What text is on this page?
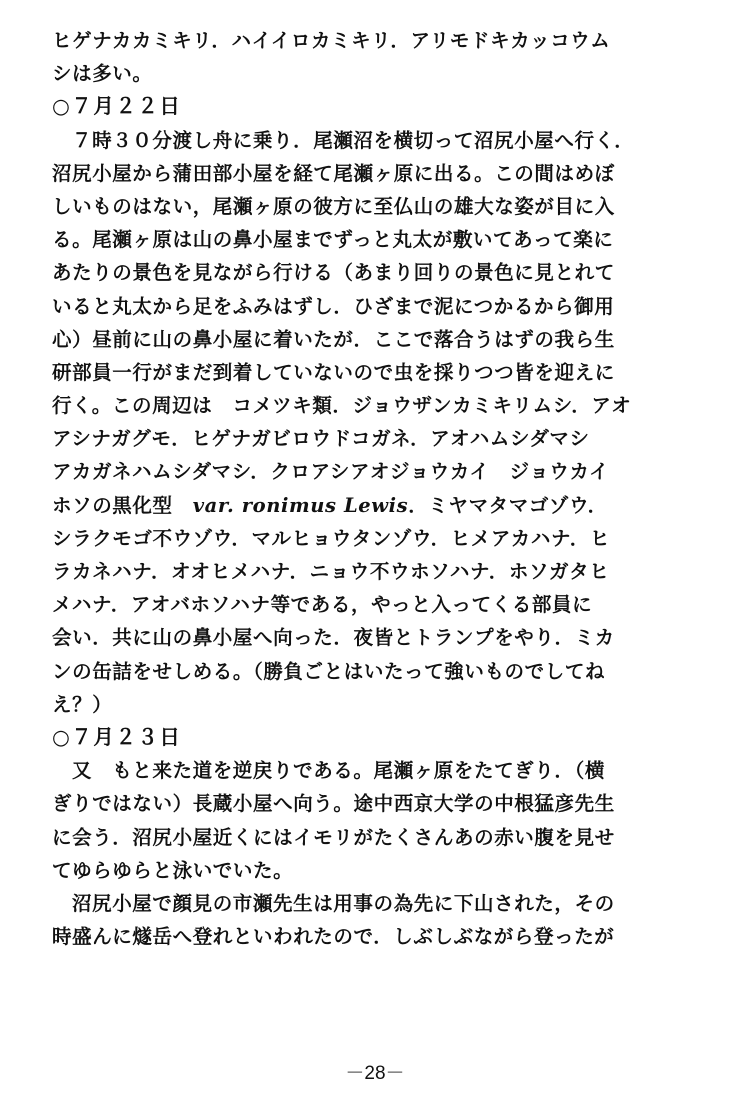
ヒゲナカカミキリ．ハイイロカミキリ．アリモドキカッコウム
シは多い。
○７月２２日
７時３０分渡し舟に乗り．尾瀬沼を横切って沼尻小屋へ行く．
沼尻小屋から蒲田部小屋を経て尾瀬ヶ原に出る。この間はめぼ
しいものはない，尾瀬ヶ原の彼方に至仏山の雄大な姿が目に入
る。尾瀬ヶ原は山の鼻小屋までずっと丸太が敷いてあって楽に
あたりの景色を見ながら行ける（あまり回りの景色に見とれて
いると丸太から足をふみはずし．ひざまで泥につかるから御用
心）昼前に山の鼻小屋に着いたが．ここで落合うはずの我ら生
研部員一行がまだ到着していないので虫を採りつつ皆を迎えに
行く。この周辺は　コメツキ類．ジョウザンカミキリムシ．アオ
アシナガグモ．ヒゲナガビロウドコガネ．アオハムシダマシ
アカガネハムシダマシ．クロアシアオジョウカイ　ジョウカイ
ホソの黒化型　var. ronimus Lewis．ミヤマタマゴゾウ．
シラクモゴ不ウゾウ．マルヒョウタンゾウ．ヒメアカハナ．ヒ
ラカネハナ．オオヒメハナ．ニョウ不ウホソハナ．ホソガタヒ
メハナ．アオバホソハナ等である，やっと入ってくる部員に
会い．共に山の鼻小屋へ向った．夜皆とトランプをやり．ミカ
ンの缶詰をせしめる。（勝負ごとはいたって強いものでしてね
え？）
○７月２３日
又　もと来た道を逆戻りである。尾瀬ヶ原をたてぎり．（横
ぎりではない）長蔵小屋へ向う。途中西京大学の中根猛彦先生
に会う．沼尻小屋近くにはイモリがたくさんあの赤い腹を見せ
てゆらゆらと泳いでいた。
沼尻小屋で顔見の市瀬先生は用事の為先に下山された，その
時盛んに燧岳へ登れといわれたので．しぶしぶながら登ったが
－28－
